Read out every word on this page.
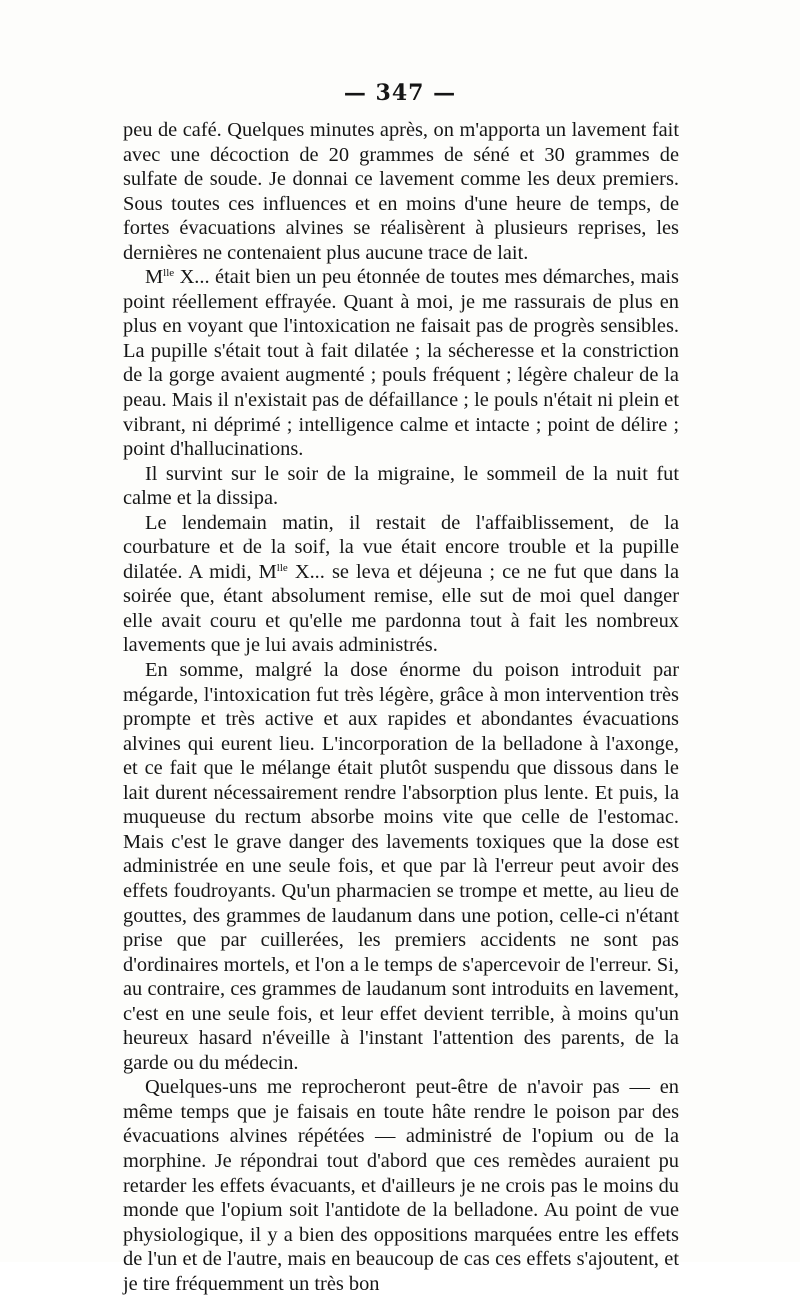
— 347 —

peu de café. Quelques minutes après, on m'apporta un lavement fait avec une décoction de 20 grammes de séné et 30 grammes de sulfate de soude. Je donnai ce lavement comme les deux premiers. Sous toutes ces influences et en moins d'une heure de temps, de fortes évacuations alvines se réalisèrent à plusieurs reprises, les dernières ne contenaient plus aucune trace de lait.

$M^{lle}$ X... était bien un peu étonnée de toutes mes démarches, mais point réellement effrayée. Quant à moi, je me rassurais de plus en plus en voyant que l'intoxication ne faisait pas de progrès sensibles. La pupille s'était tout à fait dilatée ; la sécheresse et la constriction de la gorge avaient augmenté ; pouls fréquent ; légère chaleur de la peau. Mais il n'existait pas de défaillance ; le pouls n'était ni plein et vibrant, ni déprimé ; intelligence calme et intacte ; point de délire ; point d'hallucinations.

Il survint sur le soir de la migraine, le sommeil de la nuit fut calme et la dissipa.

Le lendemain matin, il restait de l'affaiblissement, de la courbature et de la soif, la vue était encore trouble et la pupille dilatée. A midi, $M^{lle}$ X... se leva et déjeuna ; ce ne fut que dans la soirée que, étant absolument remise, elle sut de moi quel danger elle avait couru et qu'elle me pardonna tout à fait les nombreux lavements que je lui avais administrés.

En somme, malgré la dose énorme du poison introduit par mégarde, l'intoxication fut très légère, grâce à mon intervention très prompte et très active et aux rapides et abondantes évacuations alvines qui eurent lieu. L'incorporation de la belladone à l'axonge, et ce fait que le mélange était plutôt suspendu que dissous dans le lait durent nécessairement rendre l'absorption plus lente. Et puis, la muqueuse du rectum absorbe moins vite que celle de l'estomac. Mais c'est le grave danger des lavements toxiques que la dose est administrée en une seule fois, et que par là l'erreur peut avoir des effets foudroyants. Qu'un pharmacien se trompe et mette, au lieu de gouttes, des grammes de laudanum dans une potion, celle-ci n'étant prise que par cuillerées, les premiers accidents ne sont pas d'ordinaires mortels, et l'on a le temps de s'apercevoir de l'erreur. Si, au contraire, ces grammes de laudanum sont introduits en lavement, c'est en une seule fois, et leur effet devient terrible, à moins qu'un heureux hasard n'éveille à l'instant l'attention des parents, de la garde ou du médecin.

Quelques-uns me reprocheront peut-être de n'avoir pas — en même temps que je faisais en toute hâte rendre le poison par des évacuations alvines répétées — administré de l'opium ou de la morphine. Je répondrai tout d'abord que ces remèdes auraient pu retarder les effets évacuants, et d'ailleurs je ne crois pas le moins du monde que l'opium soit l'antidote de la belladone. Au point de vue physiologique, il y a bien des oppositions marquées entre les effets de l'un et de l'autre, mais en beaucoup de cas ces effets s'ajoutent, et je tire fréquemment un très bon
